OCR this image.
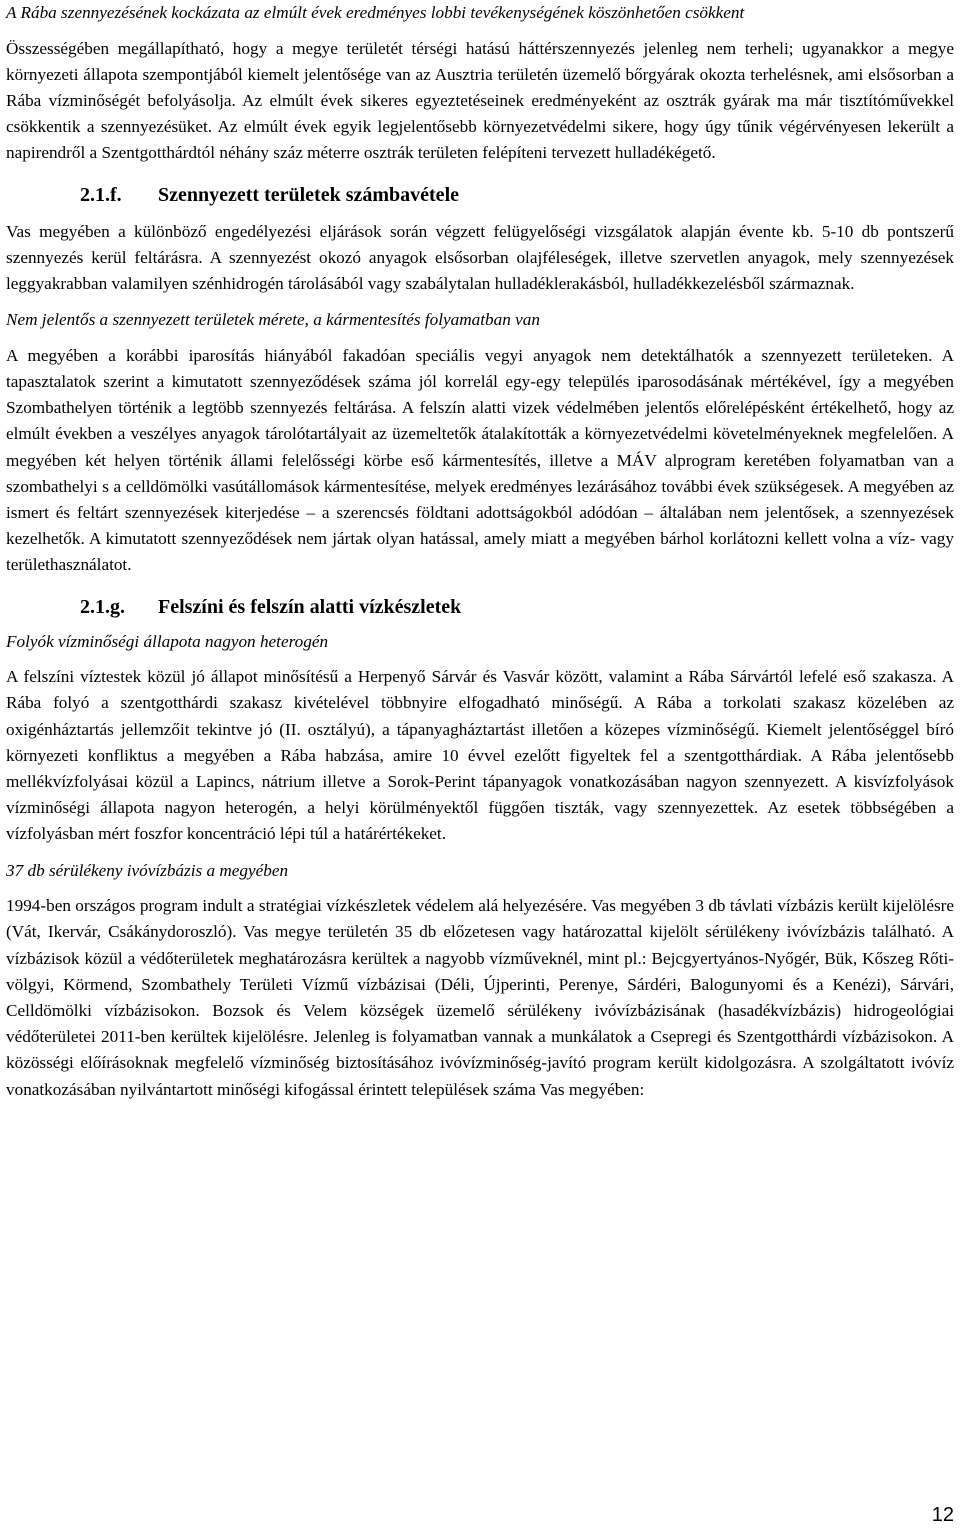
A Rába szennyezésének kockázata az elmúlt évek eredményes lobbi tevékenységének köszönhetően csökkent

Összességében megállapítható, hogy a megye területét térségi hatású háttérszennyezés jelenleg nem terheli; ugyanakkor a megye környezeti állapota szempontjából kiemelt jelentősége van az Ausztria területén üzemelő bőrgyárak okozta terhelésnek, ami elsősorban a Rába vízminőségét befolyásolja. Az elmúlt évek sikeres egyeztetéseinek eredményeként az osztrák gyárak ma már tisztítóművekkel csökkentik a szennyezésüket. Az elmúlt évek egyik legjelentősebb környezetvédelmi sikere, hogy úgy tűnik végérvényesen lekerült a napirendről a Szentgotthárdtól néhány száz méterre osztrák területen felépíteni tervezett hulladékégető.

2.1.f. Szennyezett területek számbavétele

Vas megyében a különböző engedélyezési eljárások során végzett felügyelőségi vizsgálatok alapján évente kb. 5-10 db pontszerű szennyezés kerül feltárásra. A szennyezést okozó anyagok elsősorban olajféleségek, illetve szervetlen anyagok, mely szennyezések leggyakrabban valamilyen szénhidrogén tárolásából vagy szabálytalan hulladéklerakásból, hulladékkezelésből származnak.

Nem jelentős a szennyezett területek mérete, a kármentesítés folyamatban van

A megyében a korábbi iparosítás hiányából fakadóan speciális vegyi anyagok nem detektálhatók a szennyezett területeken. A tapasztalatok szerint a kimutatott szennyeződések száma jól korrelál egy-egy település iparosodásának mértékével, így a megyében Szombathelyen történik a legtöbb szennyezés feltárása. A felszín alatti vizek védelmében jelentős előrelépésként értékelhető, hogy az elmúlt években a veszélyes anyagok tárolótartályait az üzemeltetők átalakították a környezetvédelmi követelményeknek megfelelően. A megyében két helyen történik állami felelősségi körbe eső kármentesítés, illetve a MÁV alprogram keretében folyamatban van a szombathelyi s a celldömölki vasútállomások kármentesítése, melyek eredményes lezárásához további évek szükségesek. A megyében az ismert és feltárt szennyezések kiterjedése – a szerencsés földtani adottságokból adódóan – általában nem jelentősek, a szennyezések kezelhetők. A kimutatott szennyeződések nem jártak olyan hatással, amely miatt a megyében bárhol korlátozni kellett volna a víz- vagy területhasználatot.

2.1.g. Felszíni és felszín alatti vízkészletek

Folyók vízminőségi állapota nagyon heterogén

A felszíni víztestek közül jó állapot minősítésű a Herpenyő Sárvár és Vasvár között, valamint a Rába Sárvártól lefelé eső szakasza. A Rába folyó a szentgotthárdi szakasz kivételével többnyire elfogadható minőségű. A Rába a torkolati szakasz közelében az oxigénháztartás jellemzőit tekintve jó (II. osztályú), a tápanyagháztartást illetően a közepes vízminőségű. Kiemelt jelentőséggel bíró környezeti konfliktus a megyében a Rába habzása, amire 10 évvel ezelőtt figyeltek fel a szentgotthárdiak. A Rába jelentősebb mellékvízfolyásai közül a Lapincs, nátrium illetve a Sorok-Perint tápanyagok vonatkozásában nagyon szennyezett. A kisvízfolyások vízminőségi állapota nagyon heterogén, a helyi körülményektől függően tiszták, vagy szennyezettek. Az esetek többségében a vízfolyásban mért foszfor koncentráció lépi túl a határértékeket.

37 db sérülékeny ivóvízbázis a megyében

1994-ben országos program indult a stratégiai vízkészletek védelem alá helyezésére. Vas megyében 3 db távlati vízbázis került kijelölésre (Vát, Ikervár, Csákánydoroszló). Vas megye területén 35 db előzetesen vagy határozattal kijelölt sérülékeny ivóvízbázis található. A vízbázisok közül a védőterületek meghatározásra kerültek a nagyobb vízműveknél, mint pl.: Bejcgyertyános-Nyőgér, Bük, Kőszeg Rőti-völgyi, Körmend, Szombathely Területi Vízmű vízbázisai (Déli, Újperinti, Perenye, Sárdéri, Balogunyomi és a Kenézi), Sárvári, Celldömölki vízbázisokon. Bozsok és Velem községek üzemelő sérülékeny ivóvízbázisának (hasadékvízbázis) hidrogeológiai védőterületei 2011-ben kerültek kijelölésre. Jelenleg is folyamatban vannak a munkálatok a Csepregi és Szentgotthárdi vízbázisokon. A közösségi előírásoknak megfelelő vízminőség biztosításához ivóvízminőség-javító program került kidolgozásra. A szolgáltatott ivóvíz vonatkozásában nyilvántartott minőségi kifogással érintett települések száma Vas megyében:

12
